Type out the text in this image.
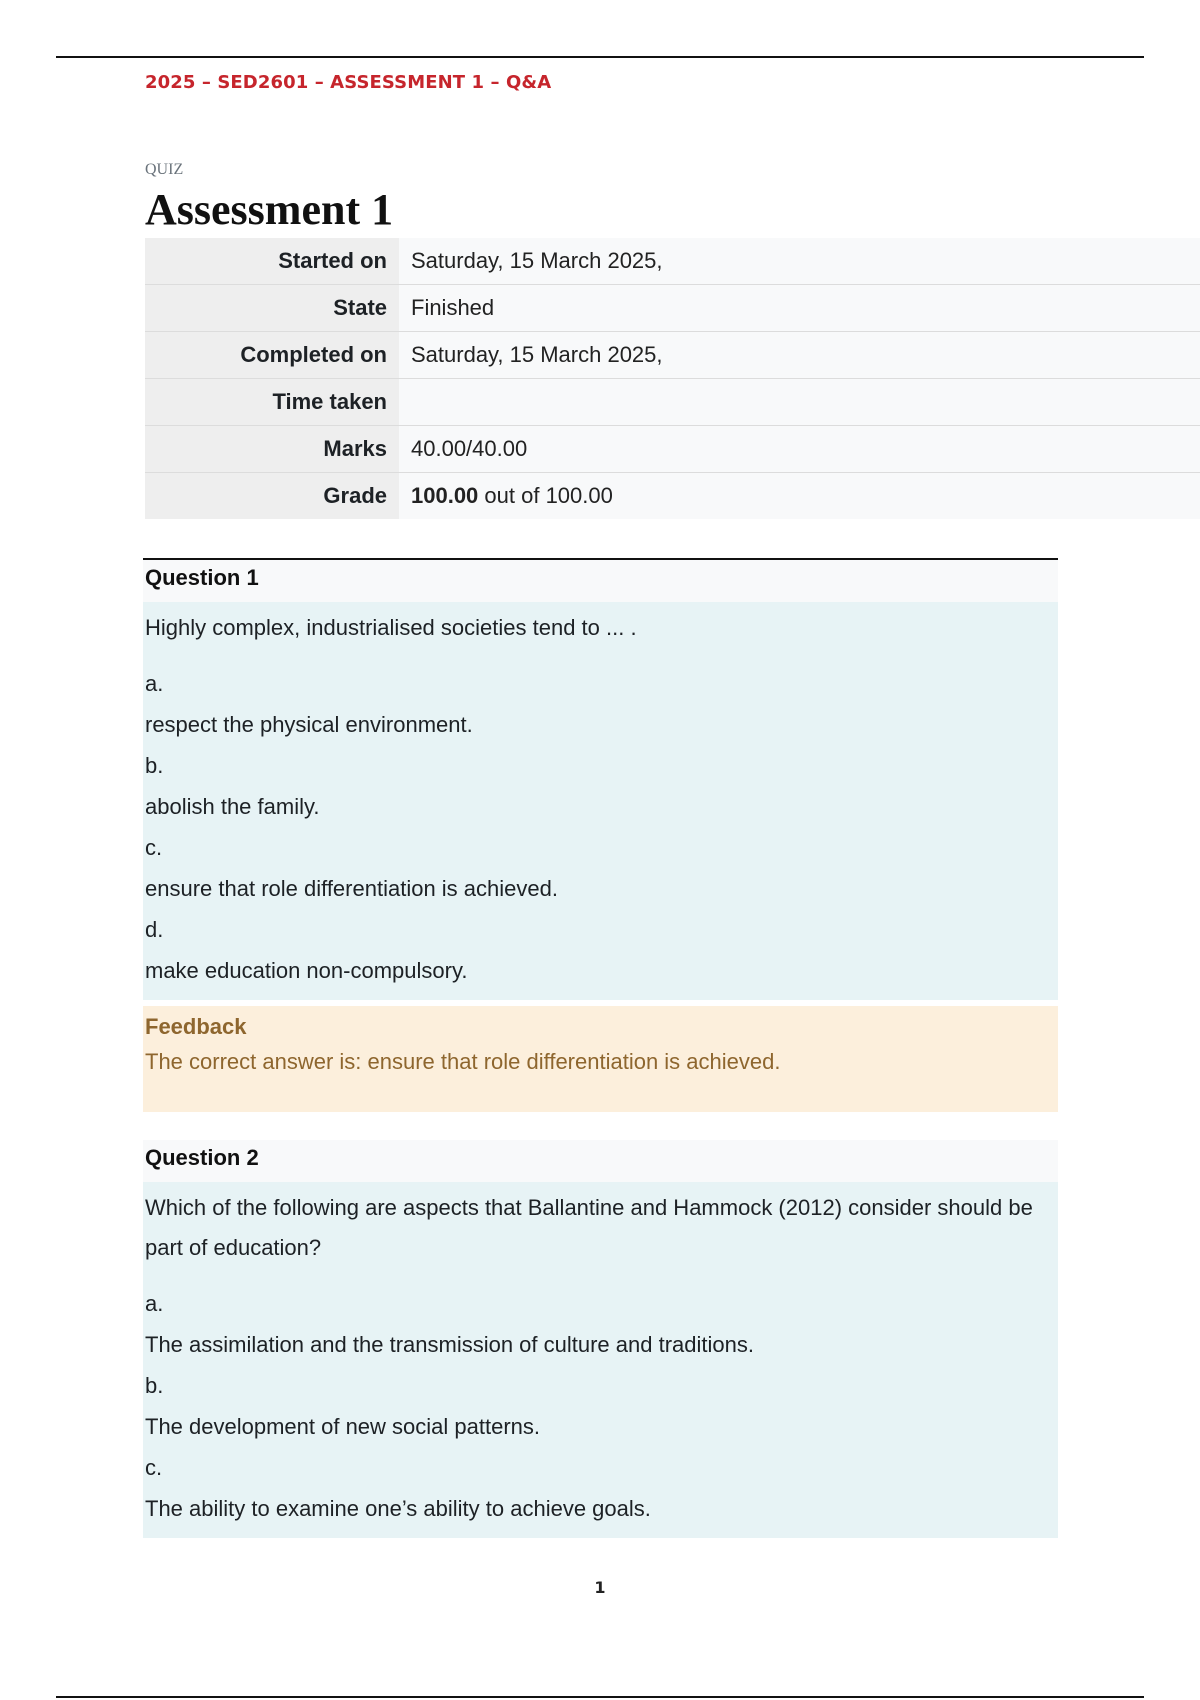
2025 – SED2601 – ASSESSMENT 1 – Q&A
QUIZ
Assessment 1
Started on	Saturday, 15 March 2025,
State	Finished
Completed on	Saturday, 15 March 2025,
Time taken	
Marks	40.00/40.00
Grade	100.00 out of 100.00
Question 1
Highly complex, industrialised societies tend to ... .
a.
respect the physical environment.
b.
abolish the family.
c.
ensure that role differentiation is achieved.
d.
make education non-compulsory.
Feedback
The correct answer is: ensure that role differentiation is achieved.
Question 2
Which of the following are aspects that Ballantine and Hammock (2012) consider should be part of education?
a.
The assimilation and the transmission of culture and traditions.
b.
The development of new social patterns.
c.
The ability to examine one’s ability to achieve goals.
1
